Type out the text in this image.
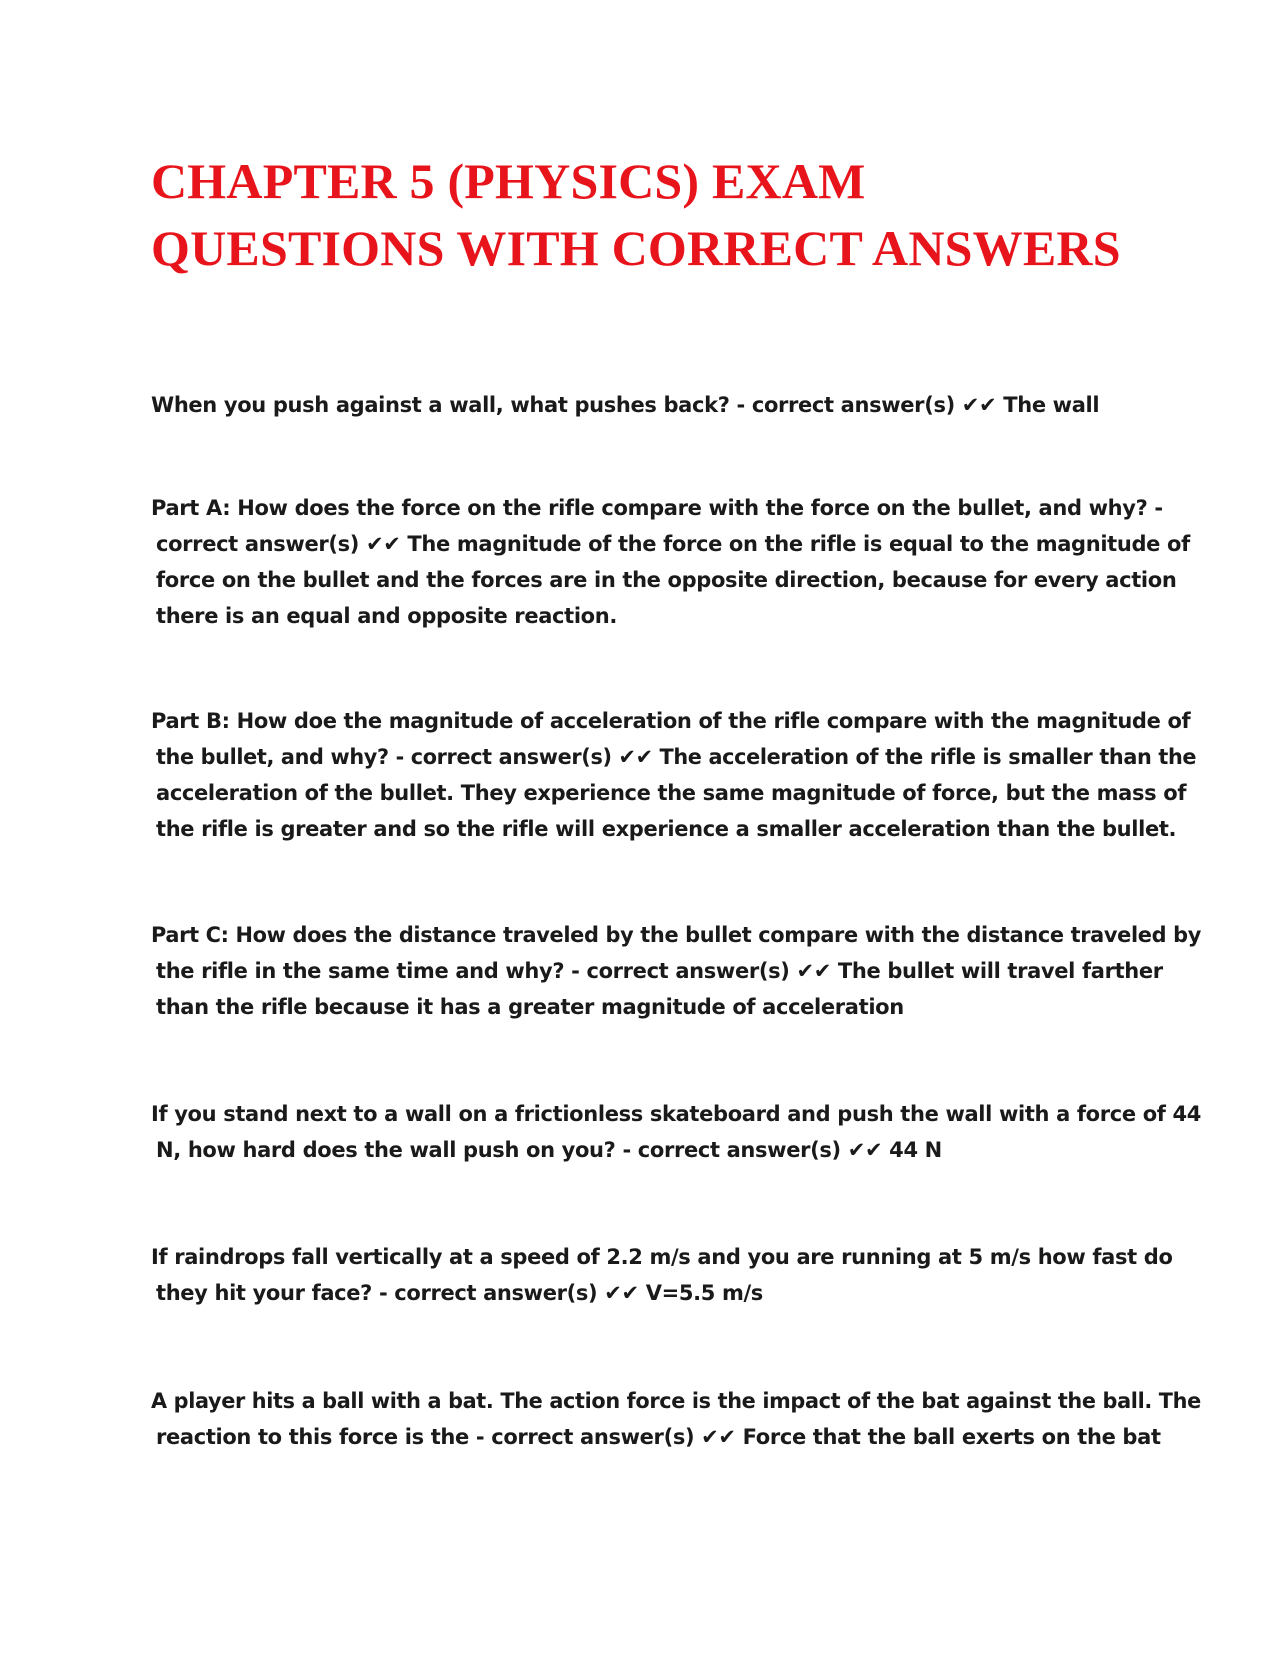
CHAPTER 5 (PHYSICS) EXAM
QUESTIONS WITH CORRECT ANSWERS

When you push against a wall, what pushes back? - correct answer(s) ✔✔ The wall

Part A: How does the force on the rifle compare with the force on the bullet, and why? -
correct answer(s) ✔✔ The magnitude of the force on the rifle is equal to the magnitude of
force on the bullet and the forces are in the opposite direction, because for every action
there is an equal and opposite reaction.

Part B: How doe the magnitude of acceleration of the rifle compare with the magnitude of
the bullet, and why? - correct answer(s) ✔✔ The acceleration of the rifle is smaller than the
acceleration of the bullet. They experience the same magnitude of force, but the mass of
the rifle is greater and so the rifle will experience a smaller acceleration than the bullet.

Part C: How does the distance traveled by the bullet compare with the distance traveled by
the rifle in the same time and why? - correct answer(s) ✔✔ The bullet will travel farther
than the rifle because it has a greater magnitude of acceleration

If you stand next to a wall on a frictionless skateboard and push the wall with a force of 44
N, how hard does the wall push on you? - correct answer(s) ✔✔ 44 N

If raindrops fall vertically at a speed of 2.2 m/s and you are running at 5 m/s how fast do
they hit your face? - correct answer(s) ✔✔ V=5.5 m/s

A player hits a ball with a bat. The action force is the impact of the bat against the ball. The
reaction to this force is the - correct answer(s) ✔✔ Force that the ball exerts on the bat
